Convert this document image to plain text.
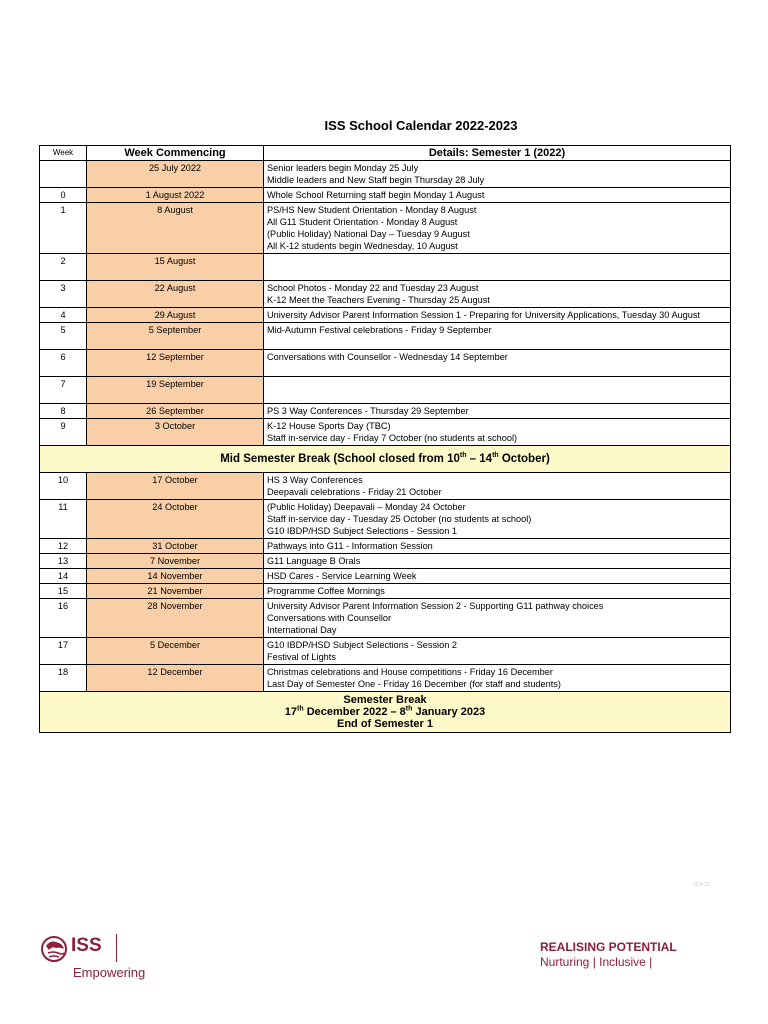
ISS School Calendar 2022-2023
Week	Week Commencing	Details: Semester 1 (2022)
	25 July 2022	Senior leaders begin Monday 25 July
Middle leaders and New Staff begin Thursday 28 July

0	1 August 2022	Whole School Returning staff begin Monday 1 August

1	8 August	PS/HS New Student Orientation - Monday 8 August
All G11 Student Orientation - Monday 8 August
(Public Holiday) National Day – Tuesday 9 August
All K-12 students begin Wednesday, 10 August

2	15 August	

3	22 August	School Photos - Monday 22 and Tuesday 23 August
K-12 Meet the Teachers Evening - Thursday 25 August

4	29 August	University Advisor Parent Information Session 1 - Preparing for University Applications, Tuesday 30 August

5	5 September	Mid-Autumn Festival celebrations - Friday 9 September

6	12 September	Conversations with Counsellor - Wednesday 14 September

7	19 September	

8	26 September	PS 3 Way Conferences - Thursday 29 September

9	3 October	K-12 House Sports Day (TBC)
Staff in-service day - Friday 7 October (no students at school)

Mid Semester Break (School closed from 10th – 14th October)		
10	17 October	HS 3 Way Conferences
Deepavali celebrations - Friday 21 October

11	24 October	(Public Holiday) Deepavali – Monday 24 October
Staff in-service day - Tuesday 25 October (no students at school)
G10 IBDP/HSD Subject Selections - Session 1

12	31 October	Pathways into G11 - Information Session

13	7 November	G11 Language B Orals

14	14 November	HSD Cares - Service Learning Week

15	21 November	Programme Coffee Mornings

16	28 November	University Advisor Parent Information Session 2 - Supporting G11 pathway choices
Conversations with Counsellor
International Day

17	5 December	G10 IBDP/HSD Subject Selections - Session 2
Festival of Lights

18	12 December	Christmas celebrations and House competitions - Friday 16 December
Last Day of Semester One - Friday 16 December (for staff and students)

Semester Break
17th December 2022 – 8th January 2023
End of Semester 1		
12.4.23
ISS
Empowering
REALISING POTENTIAL
Nurturing | Inclusive |
